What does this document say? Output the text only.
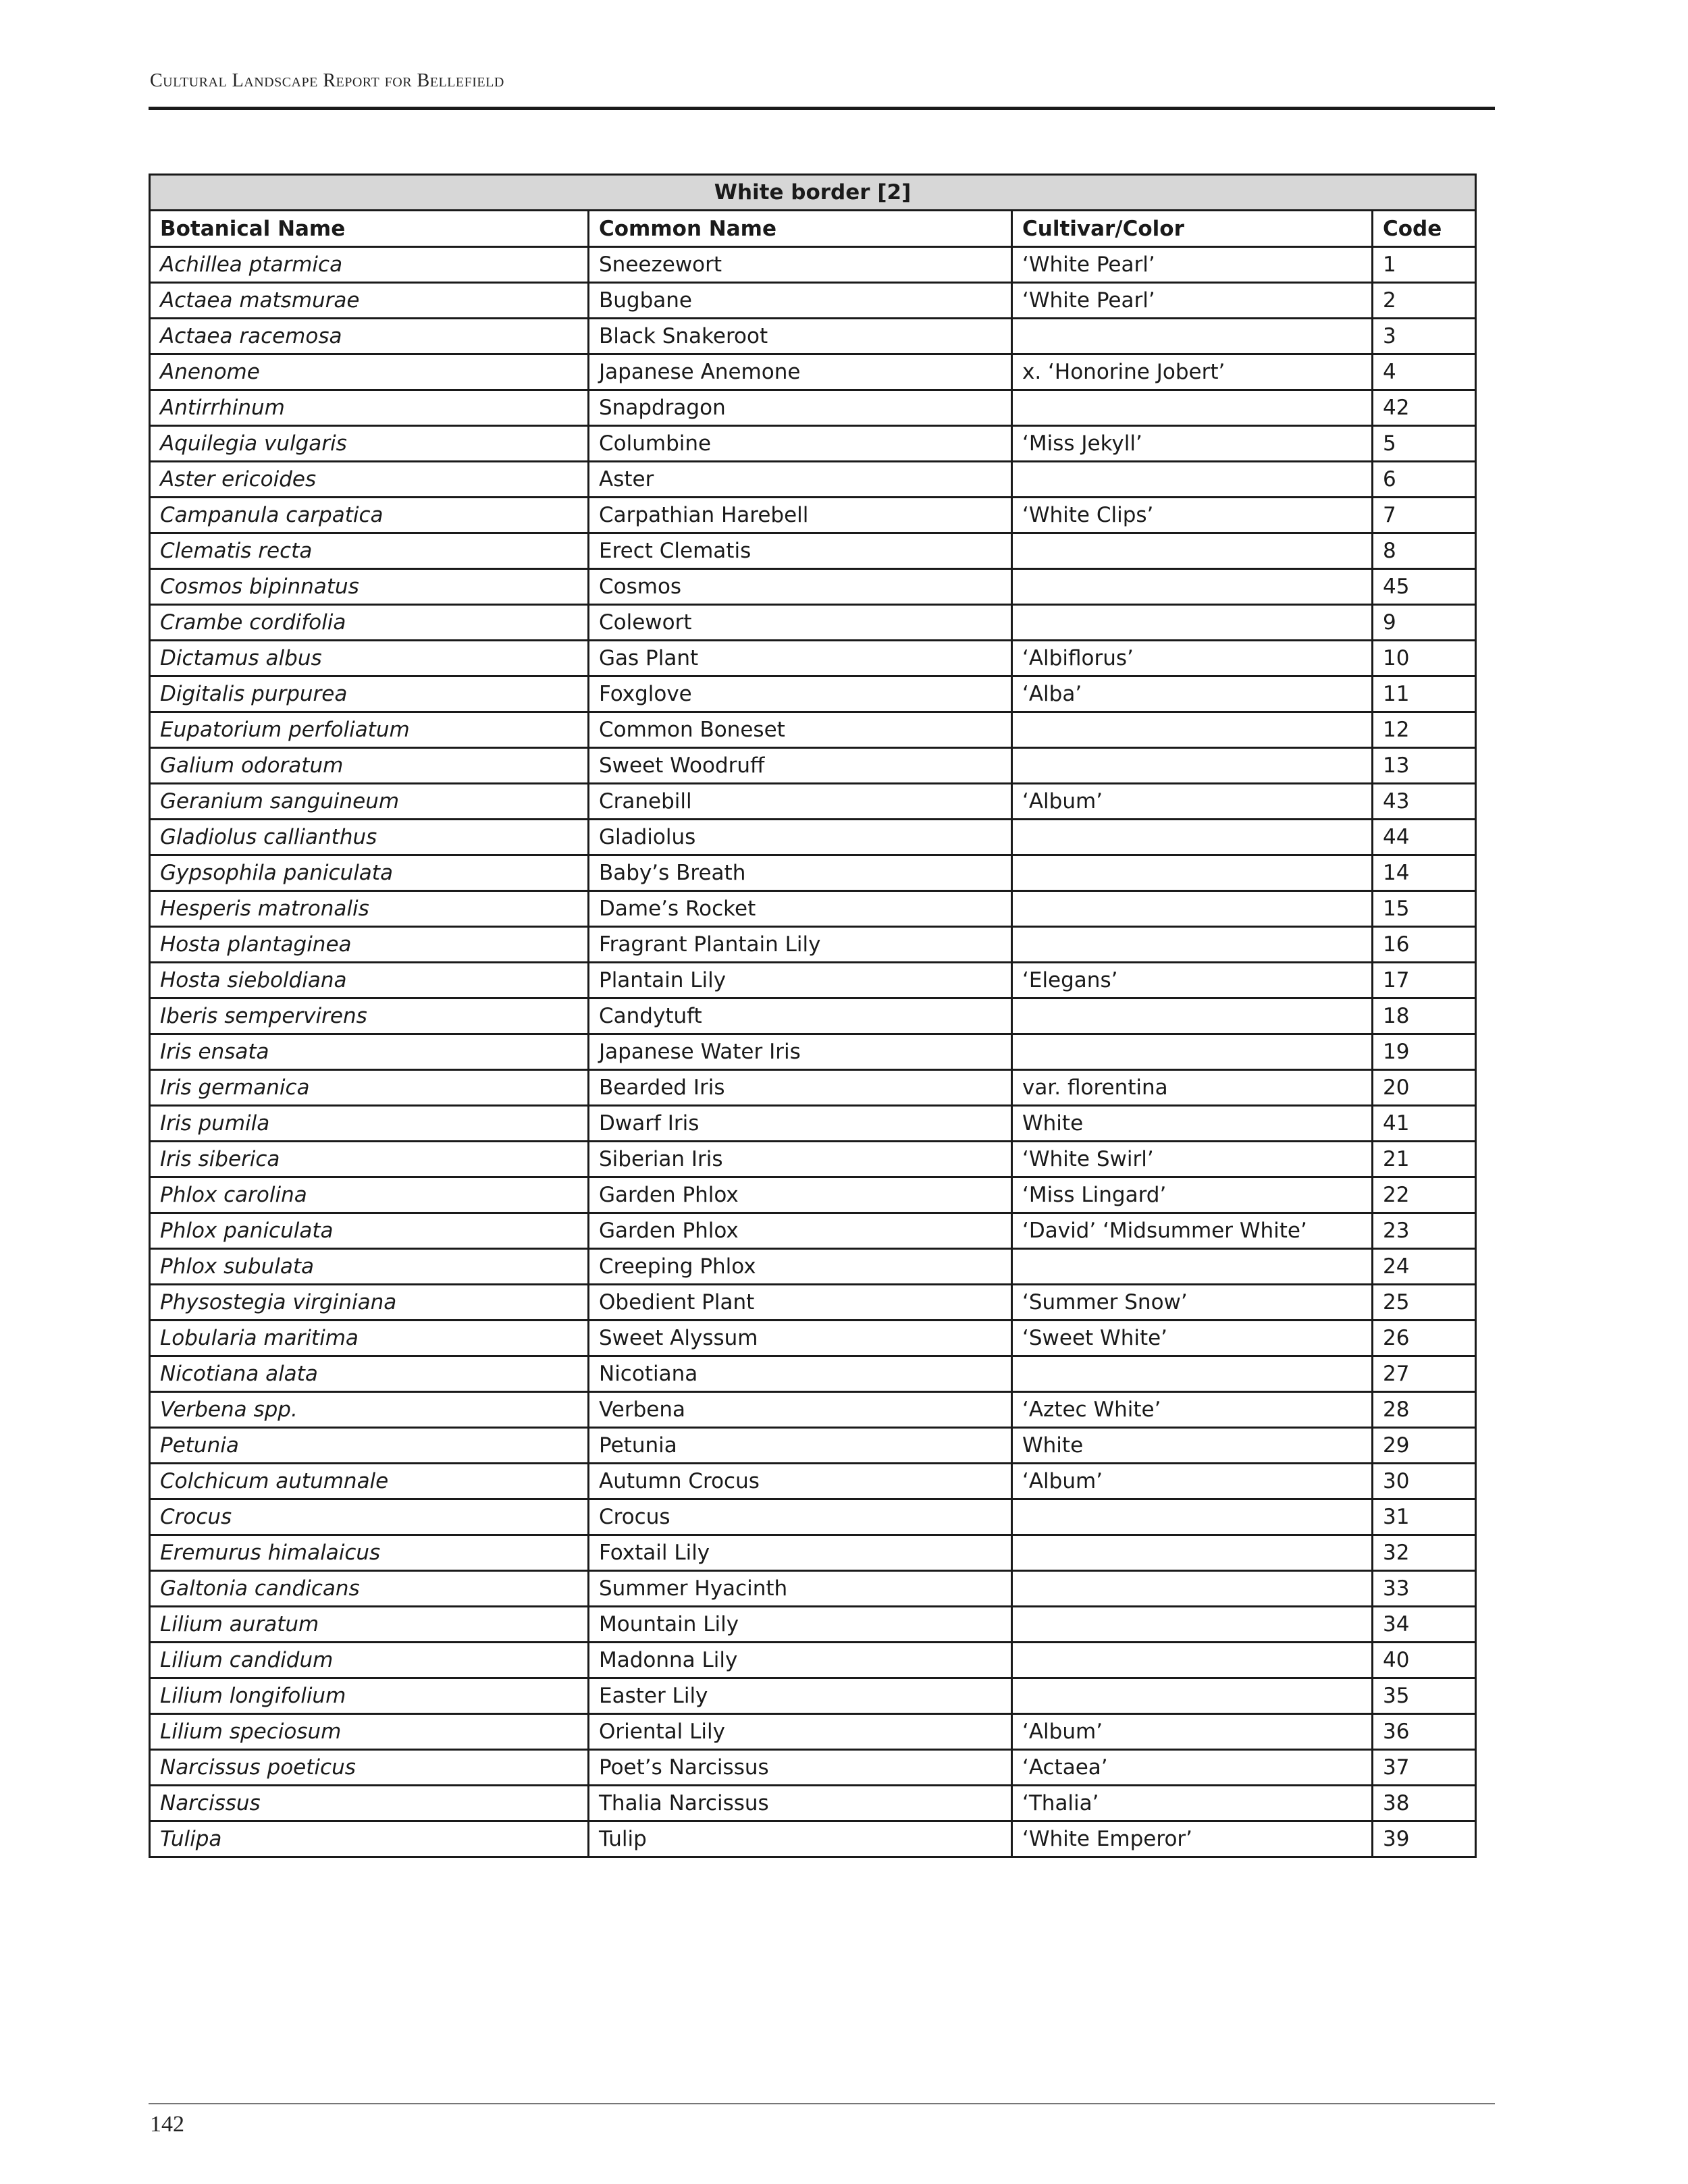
Cultural Landscape Report for Bellefield
White border [2]			
Botanical Name	Common Name	Cultivar/Color	Code
Achillea ptarmica	Sneezewort	‘White Pearl’	1
Actaea matsmurae	Bugbane	‘White Pearl’	2
Actaea racemosa	Black Snakeroot		3
Anenome	Japanese Anemone	x. ‘Honorine Jobert’	4
Antirrhinum	Snapdragon		42
Aquilegia vulgaris	Columbine	‘Miss Jekyll’	5
Aster ericoides	Aster		6
Campanula carpatica	Carpathian Harebell	‘White Clips’	7
Clematis recta	Erect Clematis		8
Cosmos bipinnatus	Cosmos		45
Crambe cordifolia	Colewort		9
Dictamus albus	Gas Plant	‘Albiflorus’	10
Digitalis purpurea	Foxglove	‘Alba’	11
Eupatorium perfoliatum	Common Boneset		12
Galium odoratum	Sweet Woodruff		13
Geranium sanguineum	Cranebill	‘Album’	43
Gladiolus callianthus	Gladiolus		44
Gypsophila paniculata	Baby’s Breath		14
Hesperis matronalis	Dame’s Rocket		15
Hosta plantaginea	Fragrant Plantain Lily		16
Hosta sieboldiana	Plantain Lily	‘Elegans’	17
Iberis sempervirens	Candytuft		18
Iris ensata	Japanese Water Iris		19
Iris germanica	Bearded Iris	var. florentina	20
Iris pumila	Dwarf Iris	White	41
Iris siberica	Siberian Iris	‘White Swirl’	21
Phlox carolina	Garden Phlox	‘Miss Lingard’	22
Phlox paniculata	Garden Phlox	‘David’ ‘Midsummer White’	23
Phlox subulata	Creeping Phlox		24
Physostegia virginiana	Obedient Plant	‘Summer Snow’	25
Lobularia maritima	Sweet Alyssum	‘Sweet White’	26
Nicotiana alata	Nicotiana		27
Verbena spp.	Verbena	‘Aztec White’	28
Petunia	Petunia	White	29
Colchicum autumnale	Autumn Crocus	‘Album’	30
Crocus	Crocus		31
Eremurus himalaicus	Foxtail Lily		32
Galtonia candicans	Summer Hyacinth		33
Lilium auratum	Mountain Lily		34
Lilium candidum	Madonna Lily		40
Lilium longifolium	Easter Lily		35
Lilium speciosum	Oriental Lily	‘Album’	36
Narcissus poeticus	Poet’s Narcissus	‘Actaea’	37
Narcissus	Thalia Narcissus	‘Thalia’	38
Tulipa	Tulip	‘White Emperor’	39
142
